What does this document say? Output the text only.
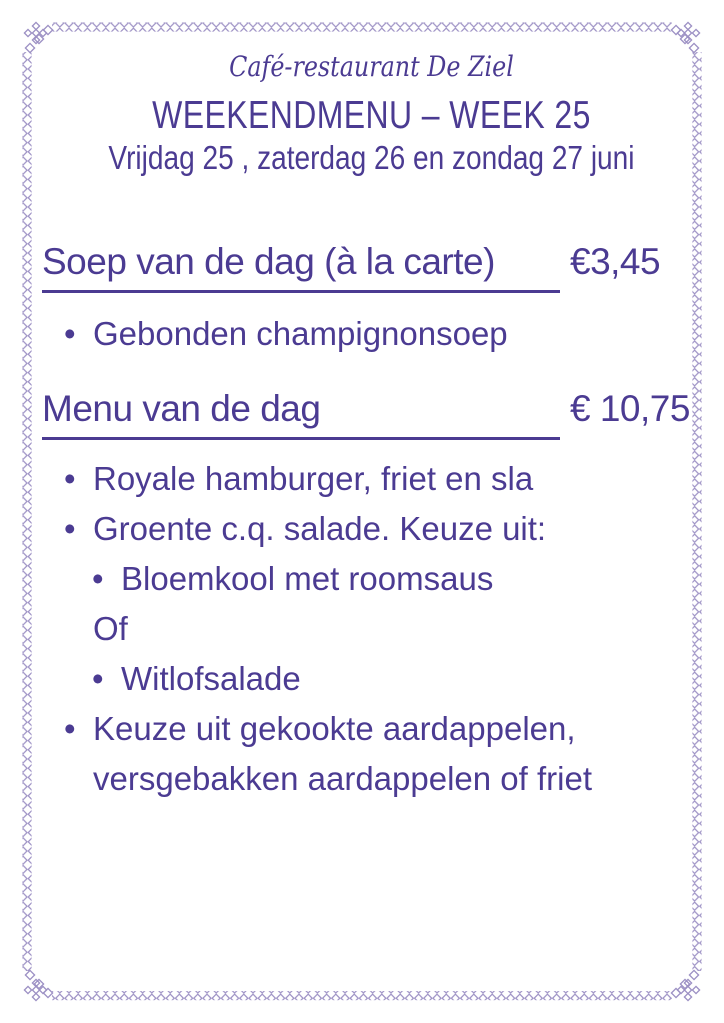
Café-restaurant De Ziel
WEEKENDMENU – WEEK 25
Vrijdag 25 , zaterdag 26 en zondag 27 juni
Soep van de dag (à la carte) €3,45
• Gebonden champignonsoep
Menu van de dag	€ 10,75
• Royale hamburger, friet en sla
• Groente c.q. salade. Keuze uit:
• Bloemkool met roomsaus
Of
• Witlofsalade
• Keuze uit gekookte aardappelen, versgebakken aardappelen of friet
